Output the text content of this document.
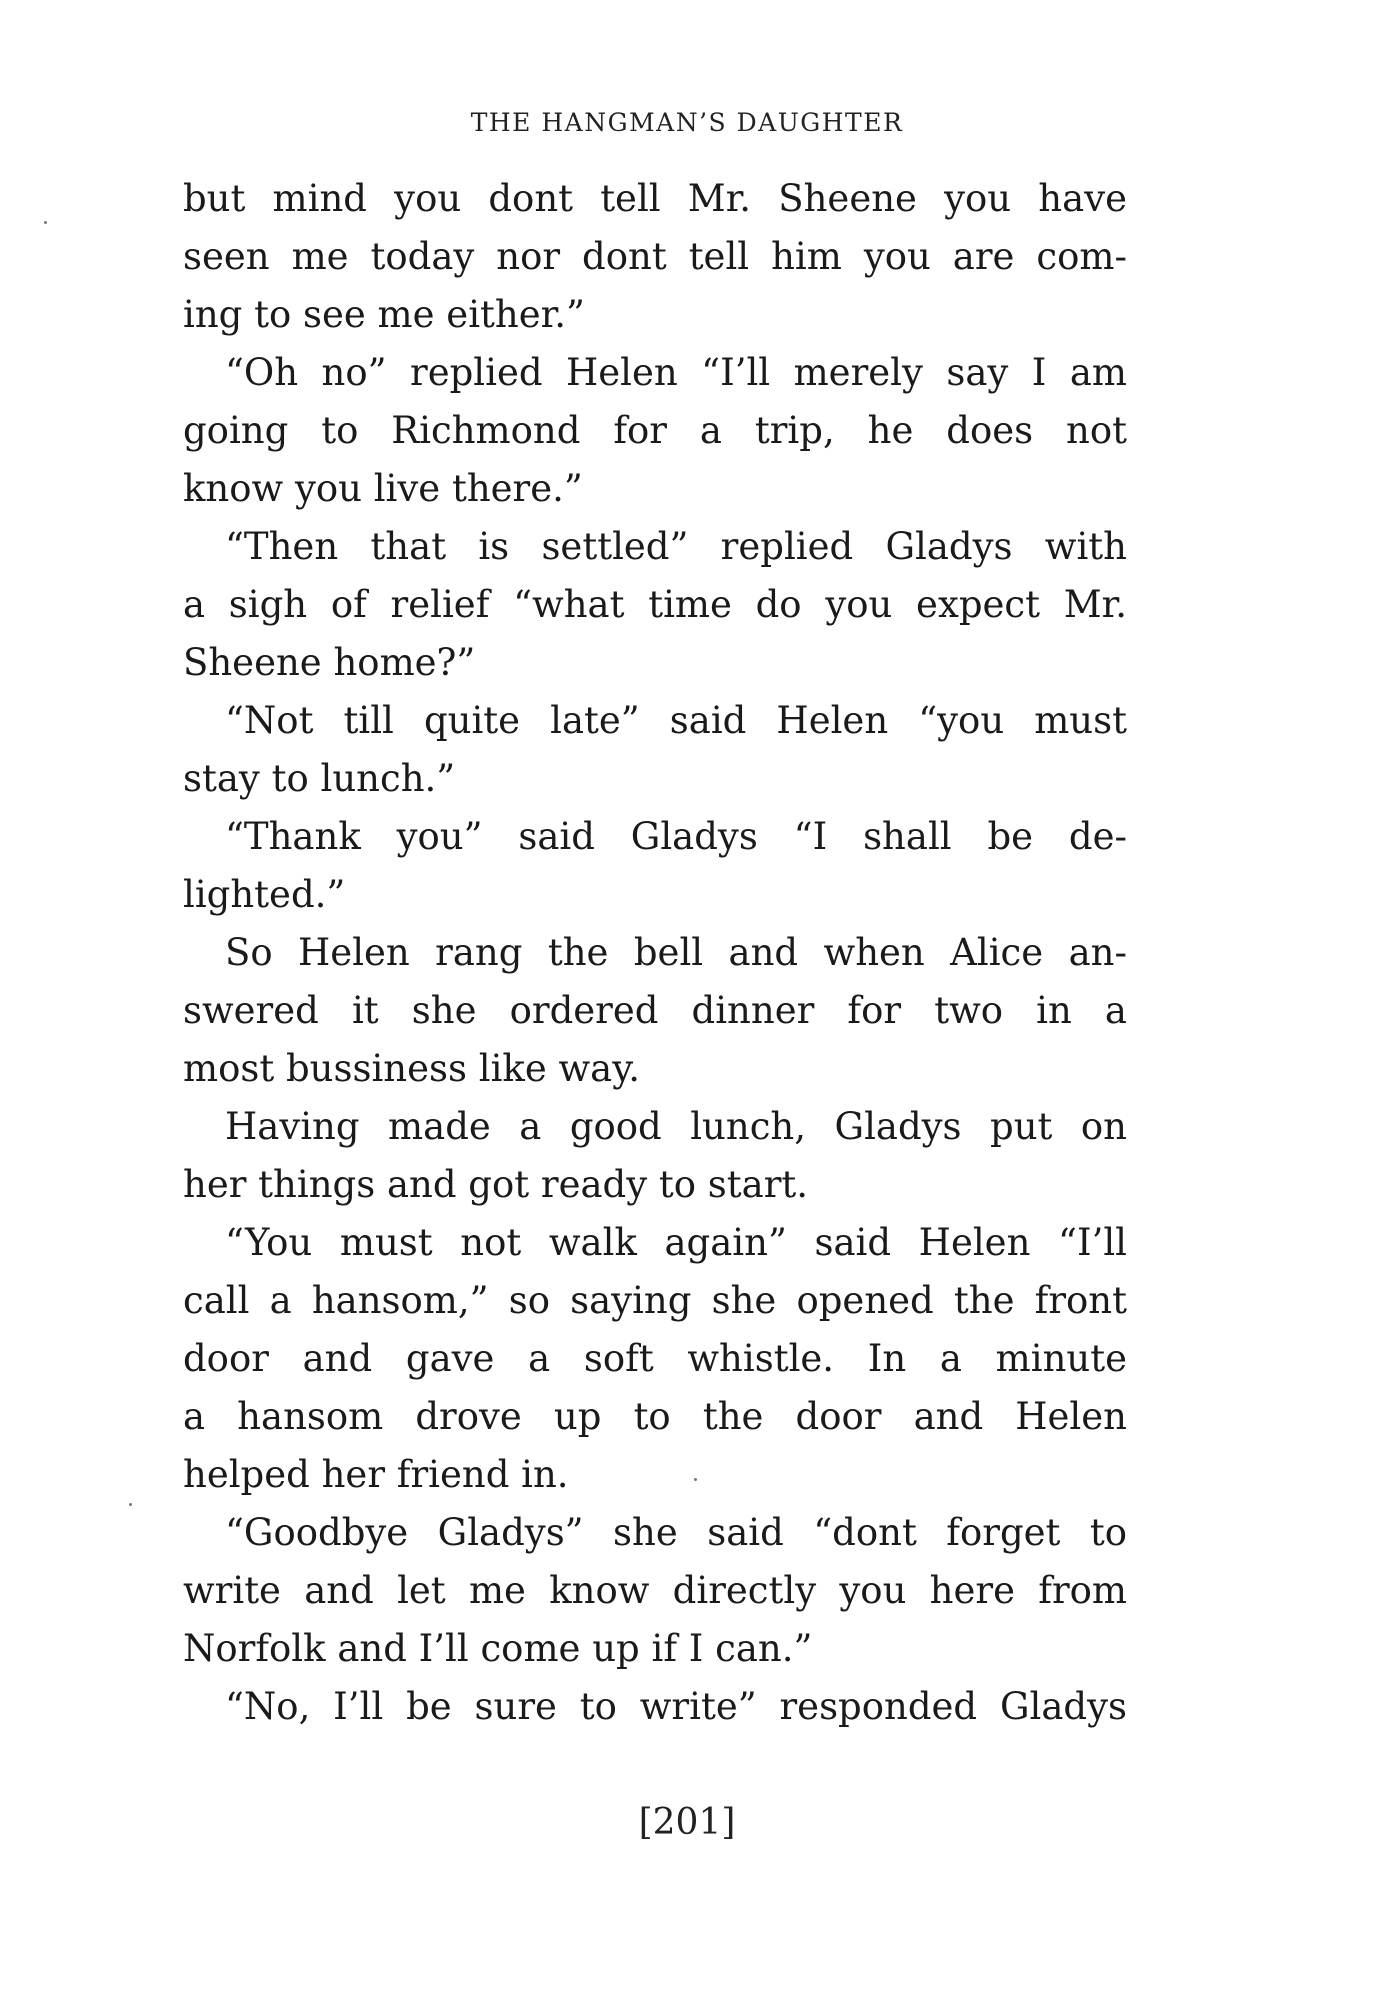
THE HANGMAN’S DAUGHTER
but mind you dont tell Mr. Sheene you have
seen me today nor dont tell him you are com-
ing to see me either.”
“Oh no” replied Helen “I’ll merely say I am
going to Richmond for a trip, he does not
know you live there.”
“Then that is settled” replied Gladys with
a sigh of relief “what time do you expect Mr.
Sheene home?”
“Not till quite late” said Helen “you must
stay to lunch.”
“Thank you” said Gladys “I shall be de-
lighted.”
So Helen rang the bell and when Alice an-
swered it she ordered dinner for two in a
most bussiness like way.
Having made a good lunch, Gladys put on
her things and got ready to start.
“You must not walk again” said Helen “I’ll
call a hansom,” so saying she opened the front
door and gave a soft whistle. In a minute
a hansom drove up to the door and Helen
helped her friend in.
“Goodbye Gladys” she said “dont forget to
write and let me know directly you here from
Norfolk and I’ll come up if I can.”
“No, I’ll be sure to write” responded Gladys
[201]
